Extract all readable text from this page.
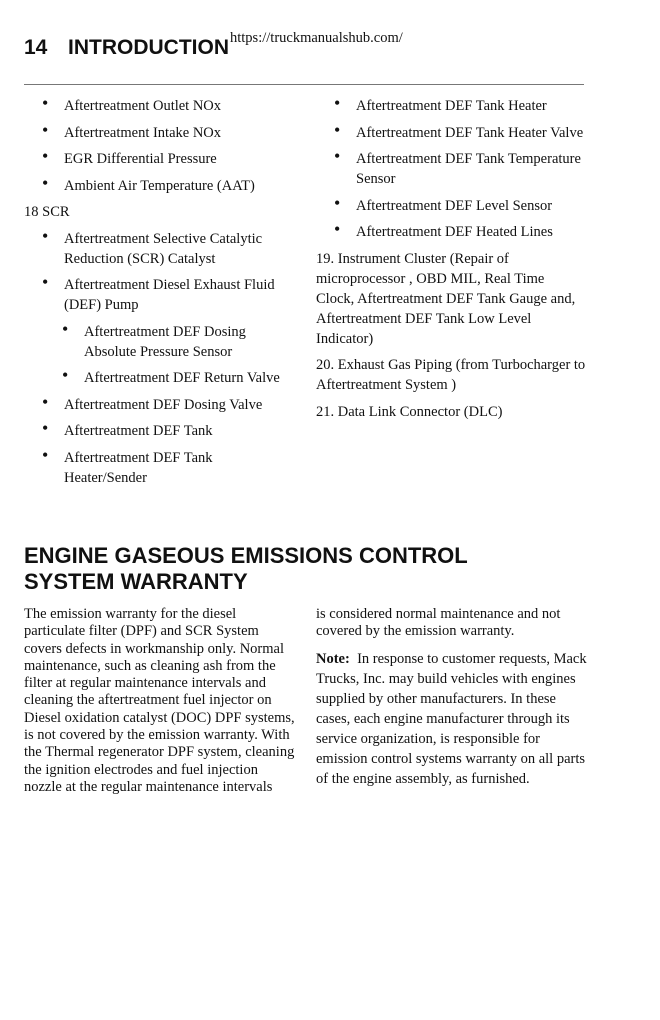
14 INTRODUCTION https://truckmanualshub.com/
• Aftertreatment Outlet NOx
• Aftertreatment Intake NOx
• EGR Differential Pressure
• Ambient Air Temperature (AAT)
18 SCR
• Aftertreatment Selective Catalytic Reduction (SCR) Catalyst
• Aftertreatment Diesel Exhaust Fluid (DEF) Pump
• Aftertreatment DEF Dosing Absolute Pressure Sensor
• Aftertreatment DEF Return Valve
• Aftertreatment DEF Dosing Valve
• Aftertreatment DEF Tank
• Aftertreatment DEF Tank Heater/Sender
• Aftertreatment DEF Tank Heater
• Aftertreatment DEF Tank Heater Valve
• Aftertreatment DEF Tank Temperature Sensor
• Aftertreatment DEF Level Sensor
• Aftertreatment DEF Heated Lines
19. Instrument Cluster (Repair of microprocessor , OBD MIL, Real Time Clock, Aftertreatment DEF Tank Gauge and, Aftertreatment DEF Tank Low Level Indicator)
20. Exhaust Gas Piping (from Turbocharger to Aftertreatment System )
21. Data Link Connector (DLC)
ENGINE GASEOUS EMISSIONS CONTROL
SYSTEM WARRANTY

The emission warranty for the diesel particulate filter (DPF) and SCR System covers defects in workmanship only. Normal maintenance, such as cleaning ash from the filter at regular maintenance intervals and cleaning the aftertreatment fuel injector on Diesel oxidation catalyst (DOC) DPF systems, is not covered by the emission warranty. With the Thermal regenerator DPF system, cleaning the ignition electrodes and fuel injection nozzle at the regular maintenance intervals

is considered normal maintenance and not covered by the emission warranty.

Note: In response to customer requests, Mack Trucks, Inc. may build vehicles with engines supplied by other manufacturers. In these cases, each engine manufacturer through its service organization, is responsible for emission control systems warranty on all parts of the engine assembly, as furnished.
